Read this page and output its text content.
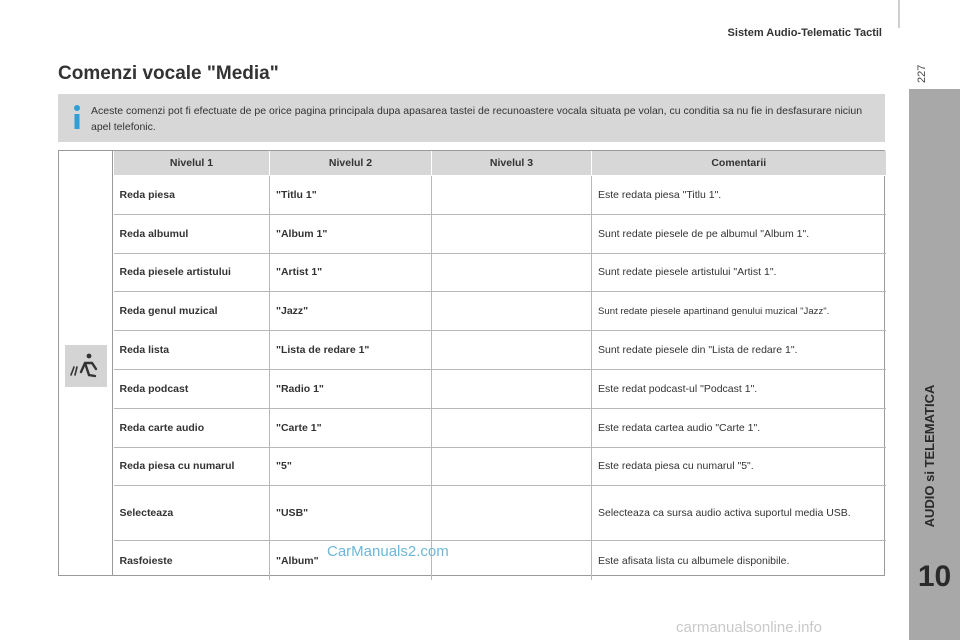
Sistem Audio-Telematic Tactil
227
AUDIO si TELEMATICA
10
Comenzi vocale "Media"
Aceste comenzi pot fi efectuate de pe orice pagina principala dupa apasarea tastei de recunoastere vocala situata pe volan, cu conditia sa nu fie in desfasurare niciun apel telefonic.
Nivelul 1	Nivelul 2	Nivelul 3	Comentarii
Reda piesa	"Titlu 1"		Este redata piesa "Titlu 1".
Reda albumul	"Album 1"		Sunt redate piesele de pe albumul "Album 1".
Reda piesele artistului	"Artist 1"		Sunt redate piesele artistului "Artist 1".
Reda genul muzical	"Jazz"		Sunt redate piesele apartinand genului muzical "Jazz".
Reda lista	"Lista de redare 1"		Sunt redate piesele din "Lista de redare 1".
Reda podcast	"Radio 1"		Este redat podcast-ul "Podcast 1".
Reda carte audio	"Carte 1"		Este redata cartea audio "Carte 1".
Reda piesa cu numarul	"5"		Este redata piesa cu numarul "5".
Selecteaza	"USB"		Selecteaza ca sursa audio activa suportul media USB.
Rasfoieste	"Album"		Este afisata lista cu albumele disponibile.
CarManuals2.com
carmanualsonline.info
